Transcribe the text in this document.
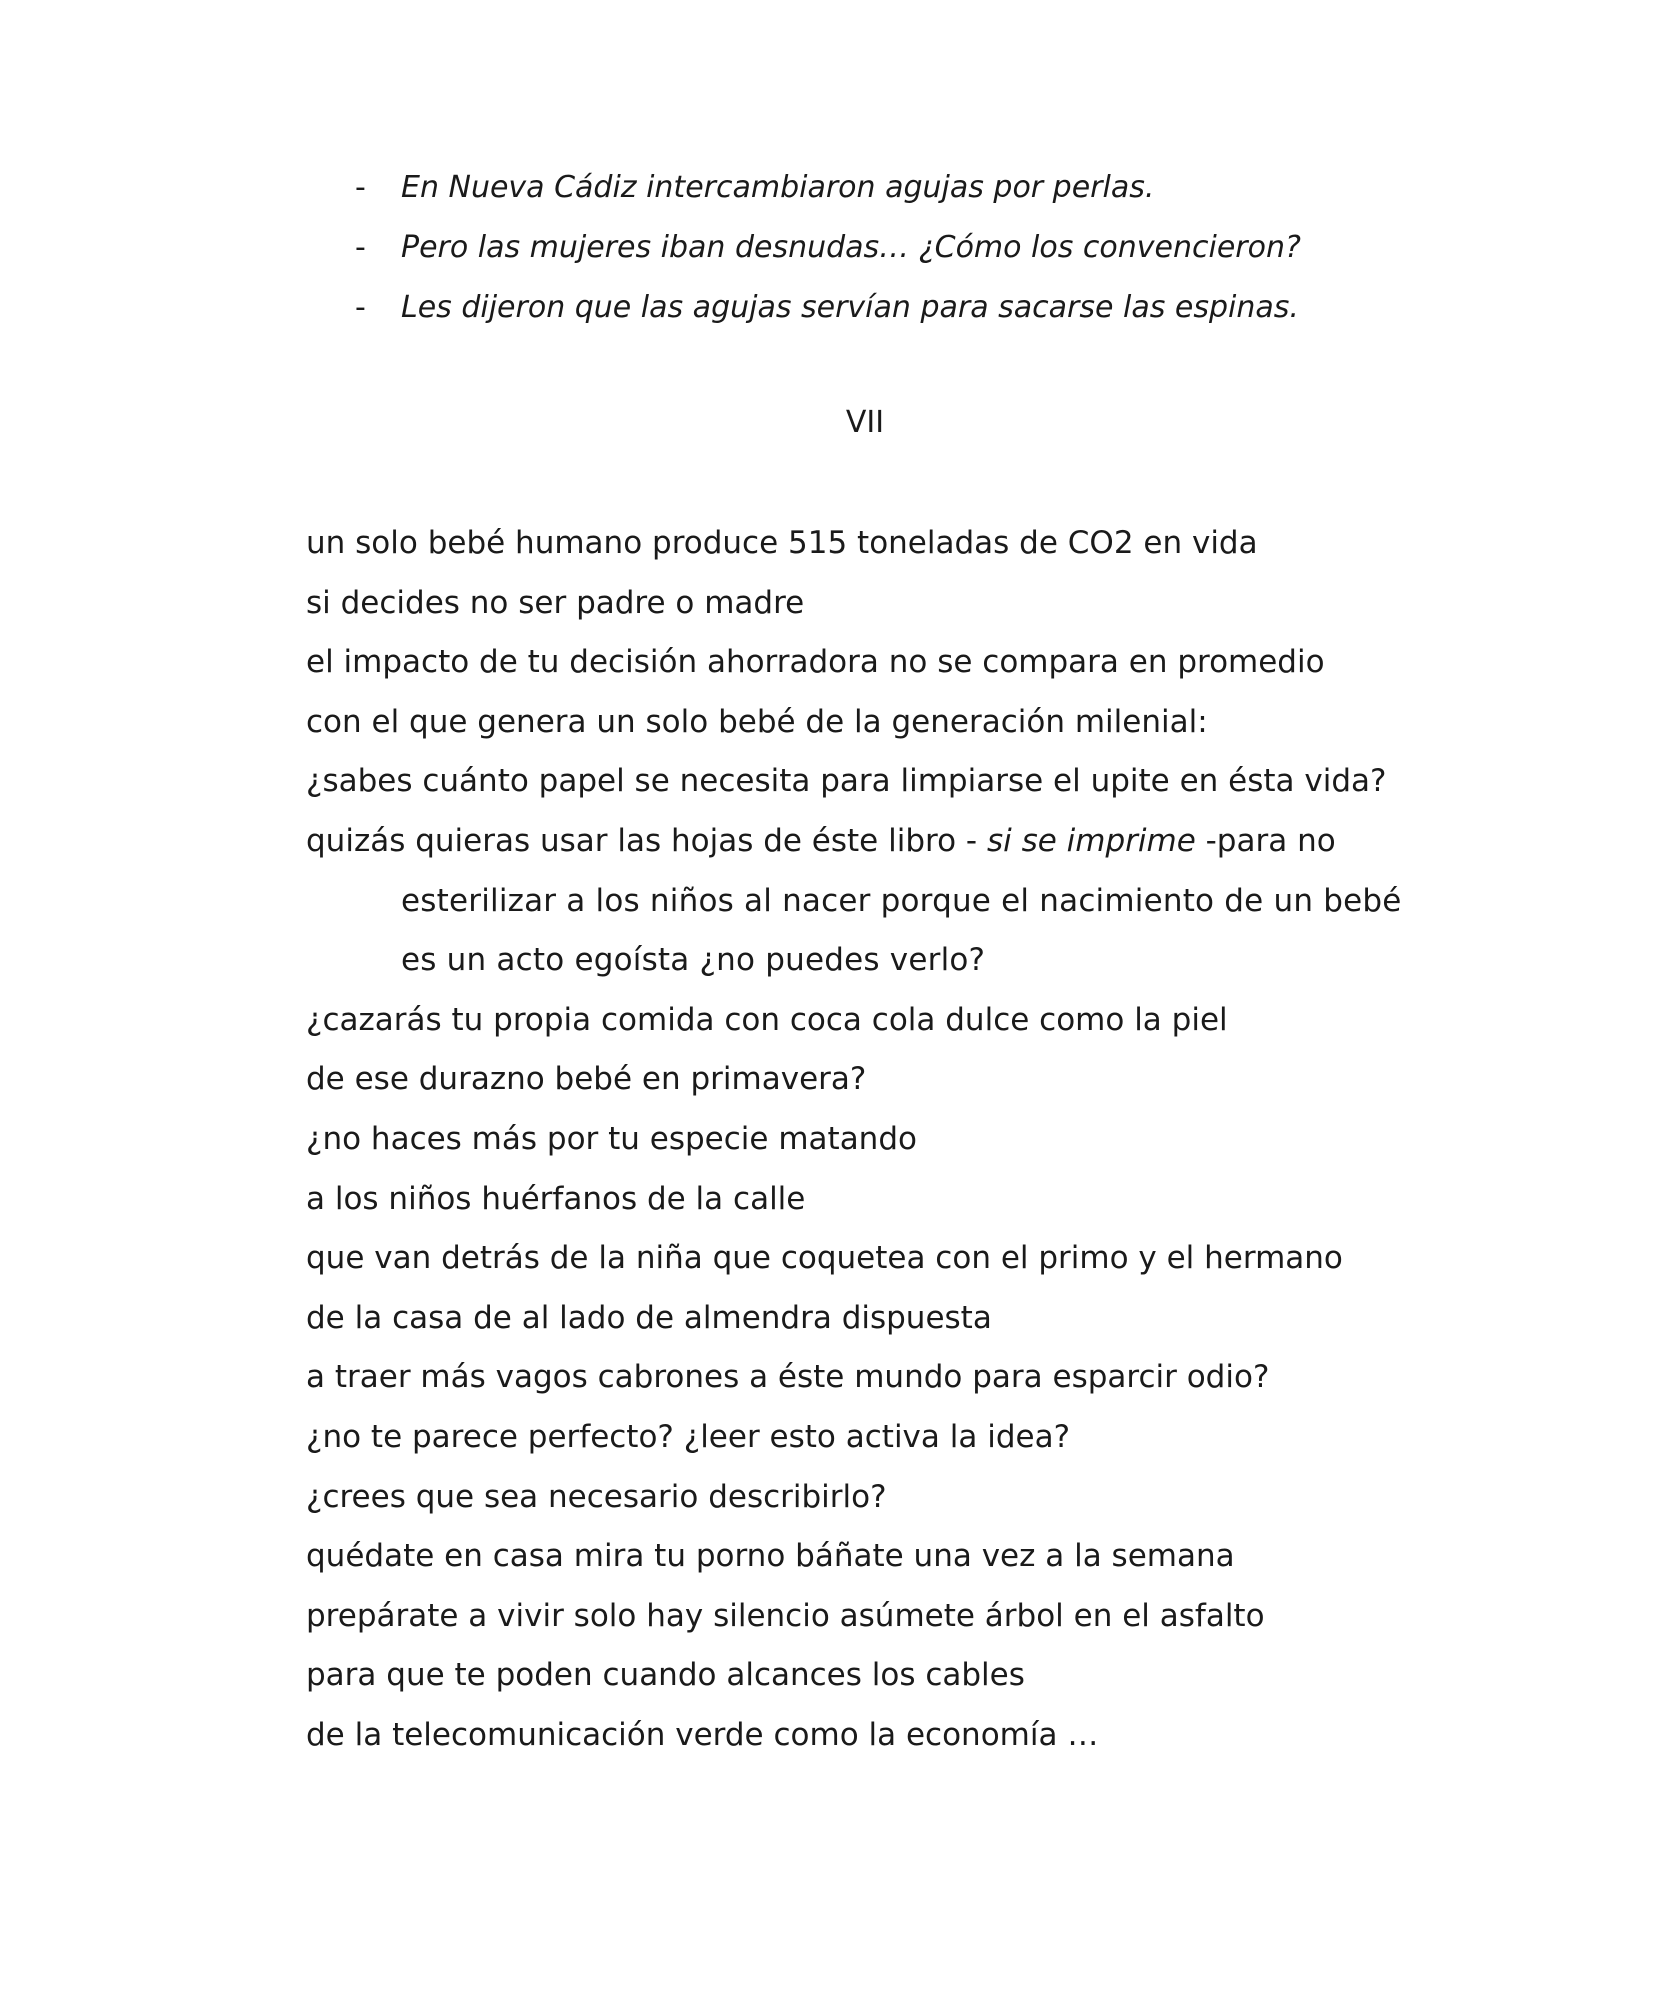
-	En Nueva Cádiz intercambiaron agujas por perlas.
-	Pero las mujeres iban desnudas… ¿Cómo los convencieron?
-	Les dijeron que las agujas servían para sacarse las espinas.
VII
un solo bebé humano produce 515 toneladas de CO2 en vida
si decides no ser padre o madre
el impacto de tu decisión ahorradora no se compara en promedio
con el que genera un solo bebé de la generación milenial:
¿sabes cuánto papel se necesita para limpiarse el upite en ésta vida?
quizás quieras usar las hojas de éste libro - si se imprime -para no
esterilizar a los niños al nacer porque el nacimiento de un bebé
es un acto egoísta ¿no puedes verlo?
¿cazarás tu propia comida con coca cola dulce como la piel
de ese durazno bebé en primavera?
¿no haces más por tu especie matando
a los niños huérfanos de la calle
que van detrás de la niña que coquetea con el primo y el hermano
de la casa de al lado de almendra dispuesta
a traer más vagos cabrones a éste mundo para esparcir odio?
¿no te parece perfecto? ¿leer esto activa la idea?
¿crees que sea necesario describirlo?
quédate en casa mira tu porno báñate una vez a la semana
prepárate a vivir solo hay silencio asúmete árbol en el asfalto
para que te poden cuando alcances los cables
de la telecomunicación verde como la economía …
